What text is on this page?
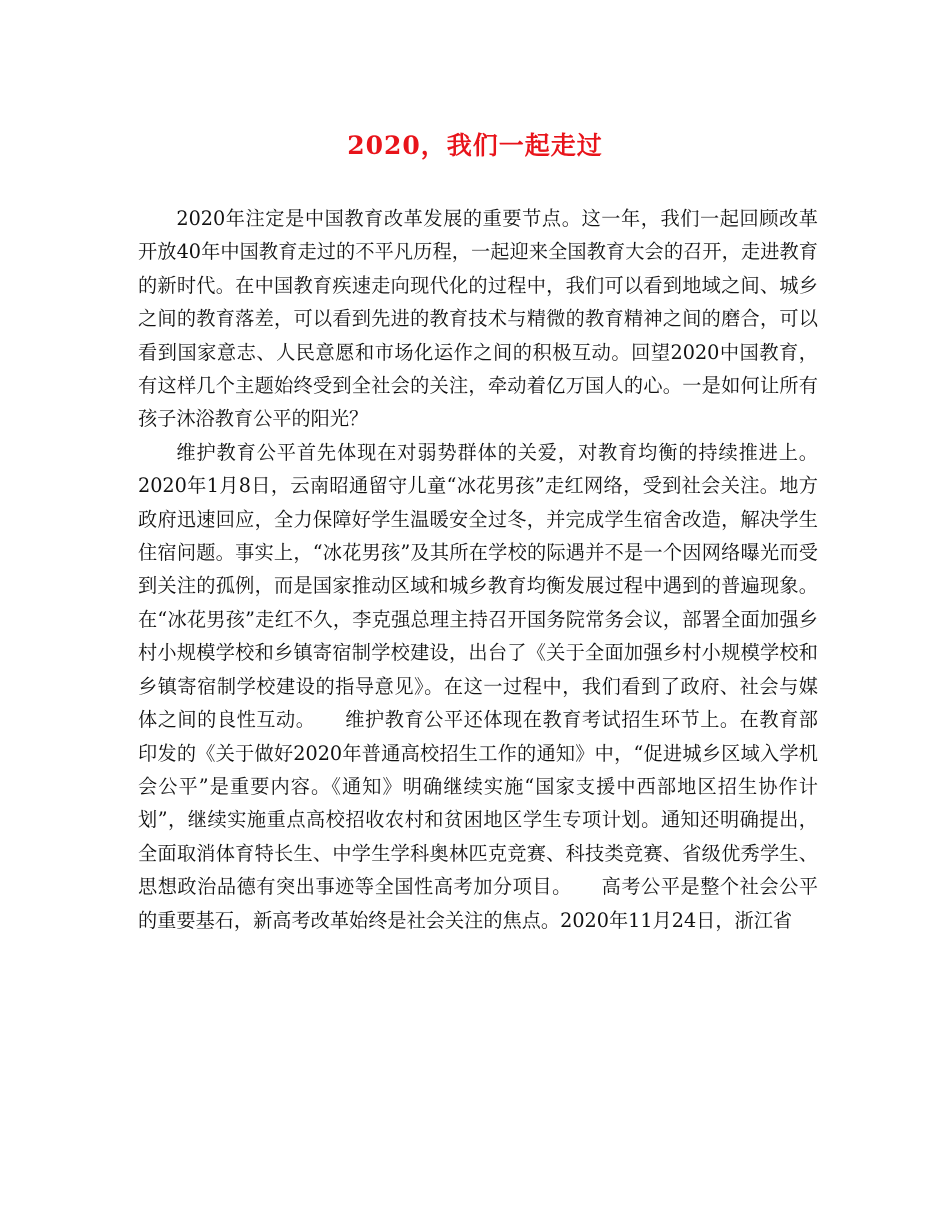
2020，我们一起走过

2020年注定是中国教育改革发展的重要节点。这一年，我们一起回顾改革开放40年中国教育走过的不平凡历程，一起迎来全国教育大会的召开，走进教育的新时代。在中国教育疾速走向现代化的过程中，我们可以看到地域之间、城乡之间的教育落差，可以看到先进的教育技术与精微的教育精神之间的磨合，可以看到国家意志、人民意愿和市场化运作之间的积极互动。回望2020中国教育，有这样几个主题始终受到全社会的关注，牵动着亿万国人的心。一是如何让所有孩子沐浴教育公平的阳光？

维护教育公平首先体现在对弱势群体的关爱，对教育均衡的持续推进上。2020年1月8日，云南昭通留守儿童“冰花男孩”走红网络，受到社会关注。地方政府迅速回应，全力保障好学生温暖安全过冬，并完成学生宿舍改造，解决学生住宿问题。事实上，“冰花男孩”及其所在学校的际遇并不是一个因网络曝光而受到关注的孤例，而是国家推动区域和城乡教育均衡发展过程中遇到的普遍现象。在“冰花男孩”走红不久，李克强总理主持召开国务院常务会议，部署全面加强乡村小规模学校和乡镇寄宿制学校建设，出台了《关于全面加强乡村小规模学校和乡镇寄宿制学校建设的指导意见》。在这一过程中，我们看到了政府、社会与媒体之间的良性互动。　　维护教育公平还体现在教育考试招生环节上。在教育部印发的《关于做好2020年普通高校招生工作的通知》中，“促进城乡区域入学机会公平”是重要内容。《通知》明确继续实施“国家支援中西部地区招生协作计划”，继续实施重点高校招收农村和贫困地区学生专项计划。通知还明确提出，全面取消体育特长生、中学生学科奥林匹克竞赛、科技类竞赛、省级优秀学生、思想政治品德有突出事迹等全国性高考加分项目。　　高考公平是整个社会公平的重要基石，新高考改革始终是社会关注的焦点。2020年11月24日，浙江省
